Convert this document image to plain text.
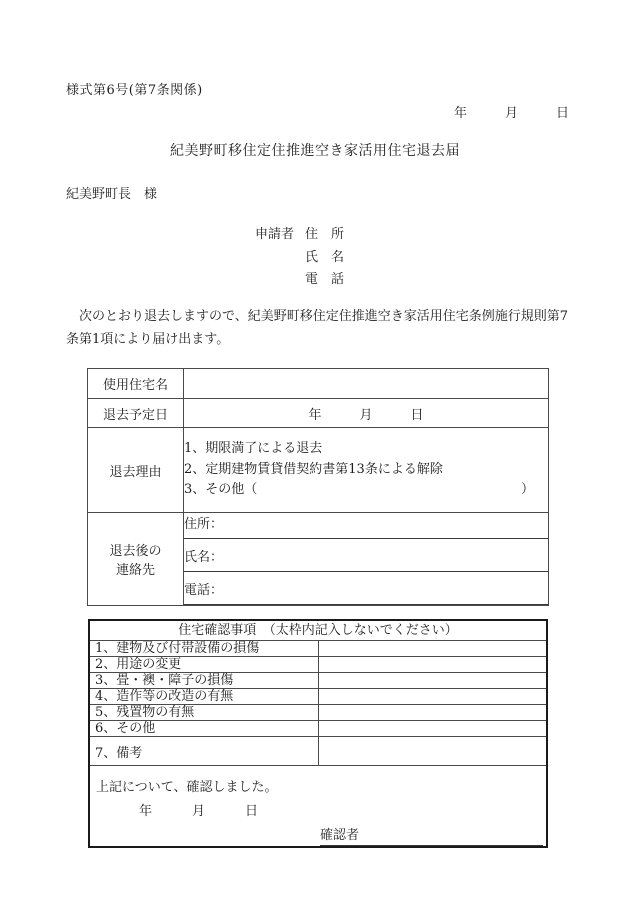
様式第6号(第7条関係)
年	月	日
紀美野町移住定住推進空き家活用住宅退去届
紀美野町長　様
申請者 住　所
氏　名
電　話
　次のとおり退去しますので、紀美野町移住定住推進空き家活用住宅条例施行規則第7
条第1項により届け出ます。
使用住宅名	
退去予定日	年 月 日
退去理由	1、期限満了による退去
2、定期建物賃貸借契約書第13条による解除
3、その他（ ）

退去後の
連絡先

住所：
氏名：
電話：
住宅確認事項　（太枠内記入しないでください）	
1、建物及び付帯設備の損傷	
2、用途の変更	
3、畳・襖・障子の損傷	
4、造作等の改造の有無	
5、残置物の有無	
6、その他	
7、備考	

上記について、確認しました。
年 月 日
確認者	
